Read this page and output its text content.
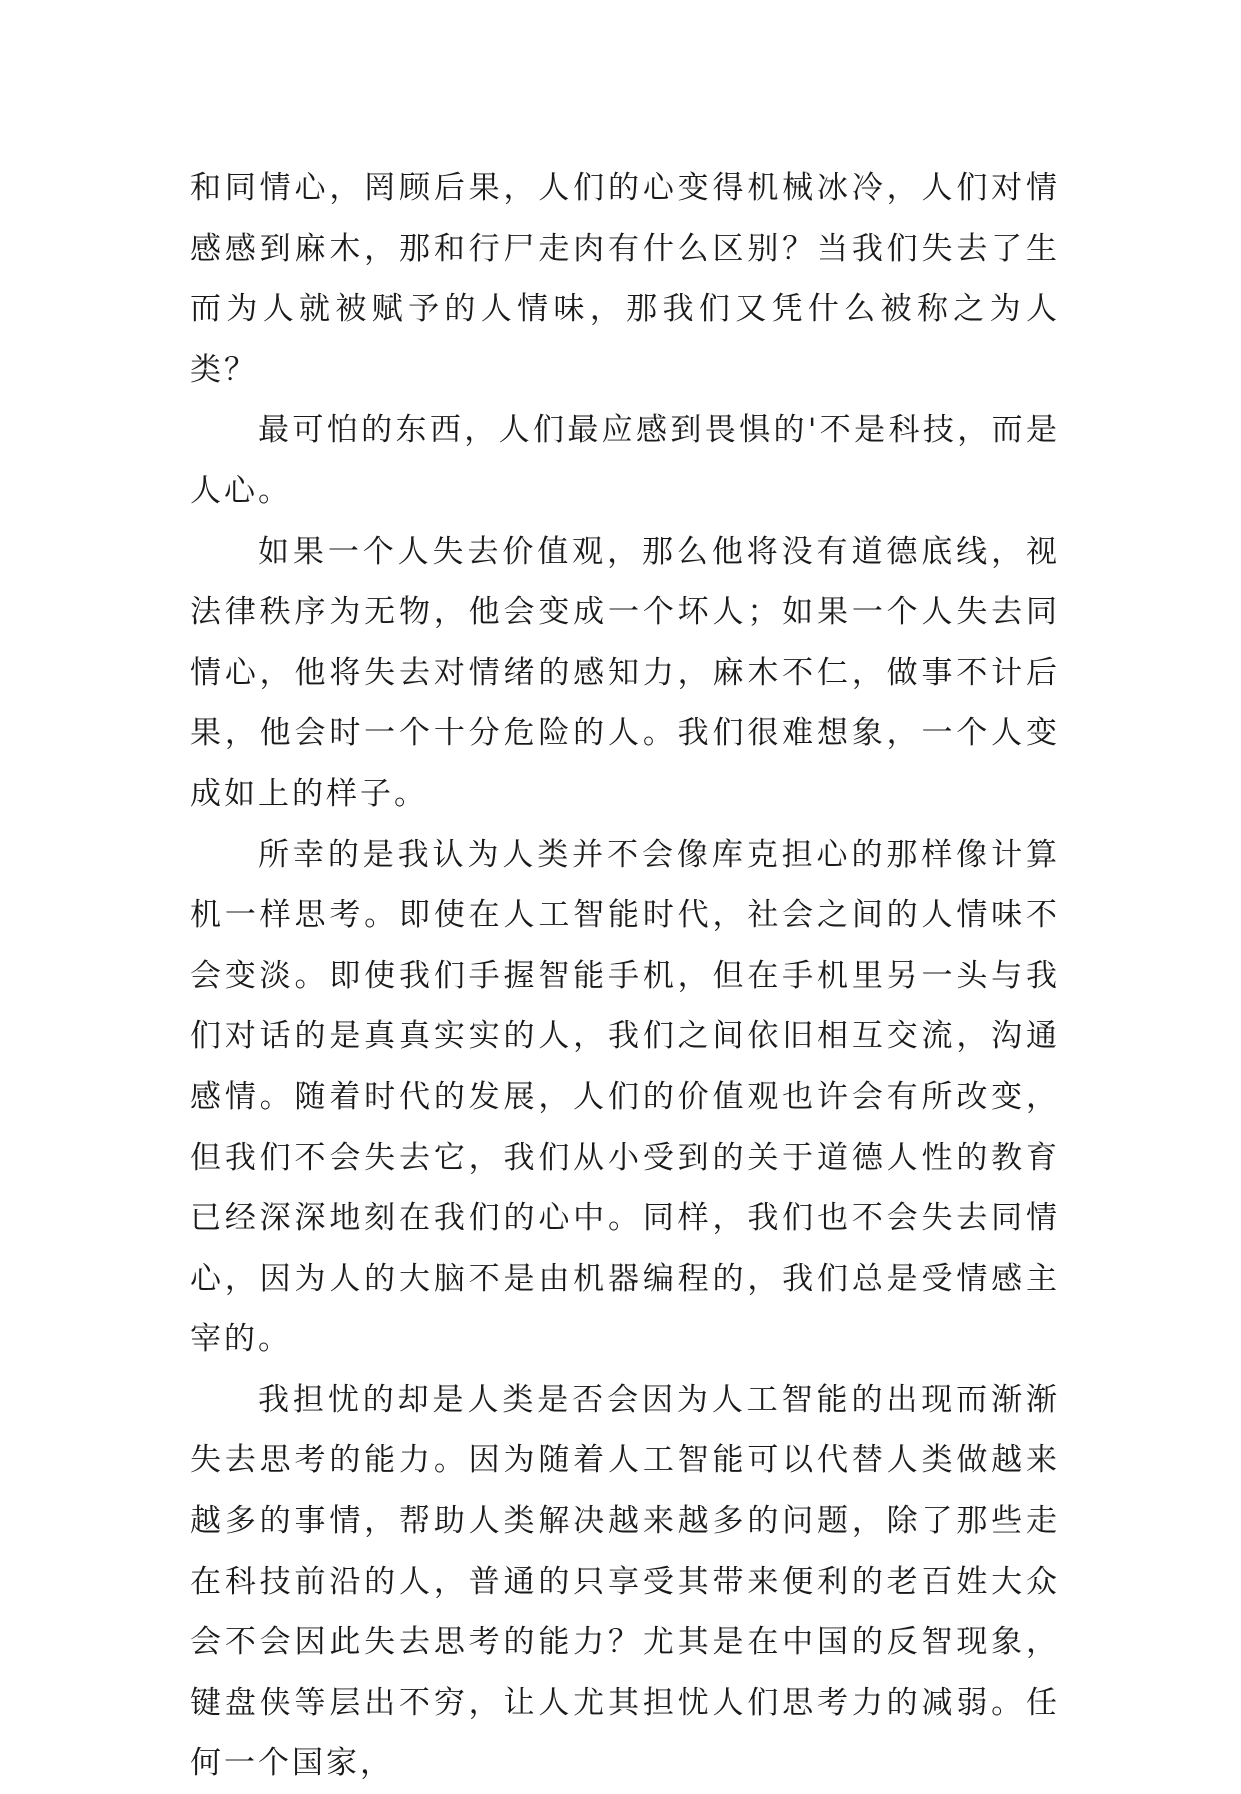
和同情心，罔顾后果，人们的心变得机械冰冷，人们对情感感到麻木，那和行尸走肉有什么区别？当我们失去了生而为人就被赋予的人情味，那我们又凭什么被称之为人类？

最可怕的东西，人们最应感到畏惧的'不是科技，而是人心。

如果一个人失去价值观，那么他将没有道德底线，视法律秩序为无物，他会变成一个坏人；如果一个人失去同情心，他将失去对情绪的感知力，麻木不仁，做事不计后果，他会时一个十分危险的人。我们很难想象，一个人变成如上的样子。

所幸的是我认为人类并不会像库克担心的那样像计算机一样思考。即使在人工智能时代，社会之间的人情味不会变淡。即使我们手握智能手机，但在手机里另一头与我们对话的是真真实实的人，我们之间依旧相互交流，沟通感情。随着时代的发展，人们的价值观也许会有所改变，但我们不会失去它，我们从小受到的关于道德人性的教育已经深深地刻在我们的心中。同样，我们也不会失去同情心，因为人的大脑不是由机器编程的，我们总是受情感主宰的。

我担忧的却是人类是否会因为人工智能的出现而渐渐失去思考的能力。因为随着人工智能可以代替人类做越来越多的事情，帮助人类解决越来越多的问题，除了那些走在科技前沿的人，普通的只享受其带来便利的老百姓大众会不会因此失去思考的能力？尤其是在中国的反智现象，键盘侠等层出不穷，让人尤其担忧人们思考力的减弱。任何一个国家，
